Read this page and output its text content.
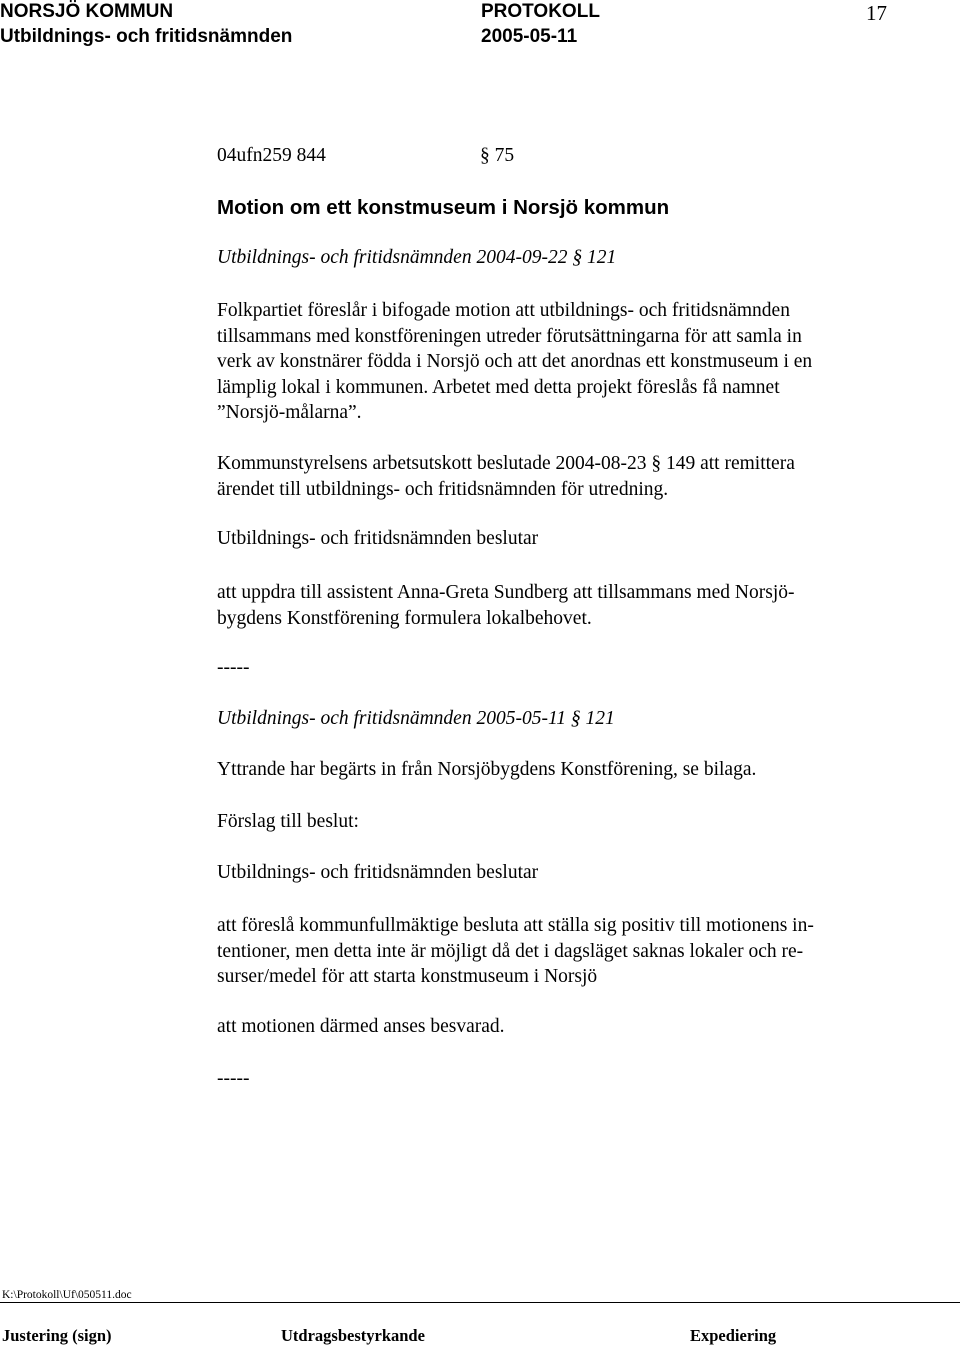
NORSJÖ KOMMUN
Utbildnings- och fritidsnämnden
PROTOKOLL
2005-05-11
17
04ufn259 844	§ 75
Motion om ett konstmuseum i Norsjö kommun
Utbildnings- och fritidsnämnden 2004-09-22 § 121
Folkpartiet föreslår i bifogade motion att utbildnings- och fritidsnämnden
tillsammans med konstföreningen utreder förutsättningarna för att samla in
verk av konstnärer födda i Norsjö och att det anordnas ett konstmuseum i en
lämplig lokal i kommunen. Arbetet med detta projekt föreslås få namnet
”Norsjö-målarna”.
Kommunstyrelsens arbetsutskott beslutade 2004-08-23 § 149 att remittera
ärendet till utbildnings- och fritidsnämnden för utredning.
Utbildnings- och fritidsnämnden beslutar
att uppdra till assistent Anna-Greta Sundberg att tillsammans med Norsjö-
bygdens Konstförening formulera lokalbehovet.
-----
Utbildnings- och fritidsnämnden 2005-05-11 § 121
Yttrande har begärts in från Norsjöbygdens Konstförening, se bilaga.
Förslag till beslut:
Utbildnings- och fritidsnämnden beslutar
att föreslå kommunfullmäktige besluta att ställa sig positiv till motionens in-
tentioner, men detta inte är möjligt då det i dagsläget saknas lokaler och re-
surser/medel för att starta konstmuseum i Norsjö
att motionen därmed anses besvarad.
-----
K:\Protokoll\Uf\050511.doc
Justering (sign)	Utdragsbestyrkande	Expediering
